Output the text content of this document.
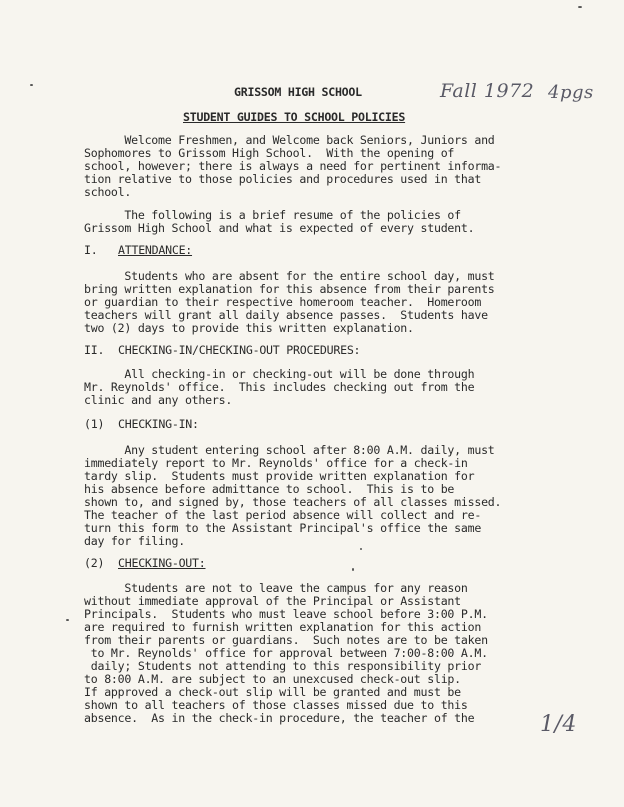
GRISSOM HIGH SCHOOL
STUDENT GUIDES TO SCHOOL POLICIES
Fall 1972 4pgs
1/4
Welcome Freshmen, and Welcome back Seniors, Juniors and
Sophomores to Grissom High School.  With the opening of
school, however; there is always a need for pertinent informa-
tion relative to those policies and procedures used in that
school.
The following is a brief resume of the policies of
Grissom High School and what is expected of every student.
I. ATTENDANCE:
Students who are absent for the entire school day, must
bring written explanation for this absence from their parents
or guardian to their respective homeroom teacher.  Homeroom
teachers will grant all daily absence passes.  Students have
two (2) days to provide this written explanation.
II. CHECKING-IN/CHECKING-OUT PROCEDURES:
All checking-in or checking-out will be done through
Mr. Reynolds' office.  This includes checking out from the
clinic and any others.
(1) CHECKING-IN:
Any student entering school after 8:00 A.M. daily, must
immediately report to Mr. Reynolds' office for a check-in
tardy slip.  Students must provide written explanation for
his absence before admittance to school.  This is to be
shown to, and signed by, those teachers of all classes missed.
The teacher of the last period absence will collect and re-
turn this form to the Assistant Principal's office the same
day for filing.
(2) CHECKING-OUT:
Students are not to leave the campus for any reason
without immediate approval of the Principal or Assistant
Principals.  Students who must leave school before 3:00 P.M.
are required to furnish written explanation for this action
from their parents or guardians.  Such notes are to be taken
to Mr. Reynolds' office for approval between 7:00-8:00 A.M.
daily; Students not attending to this responsibility prior
to 8:00 A.M. are subject to an unexcused check-out slip.
If approved a check-out slip will be granted and must be
shown to all teachers of those classes missed due to this
absence.  As in the check-in procedure, the teacher of the
